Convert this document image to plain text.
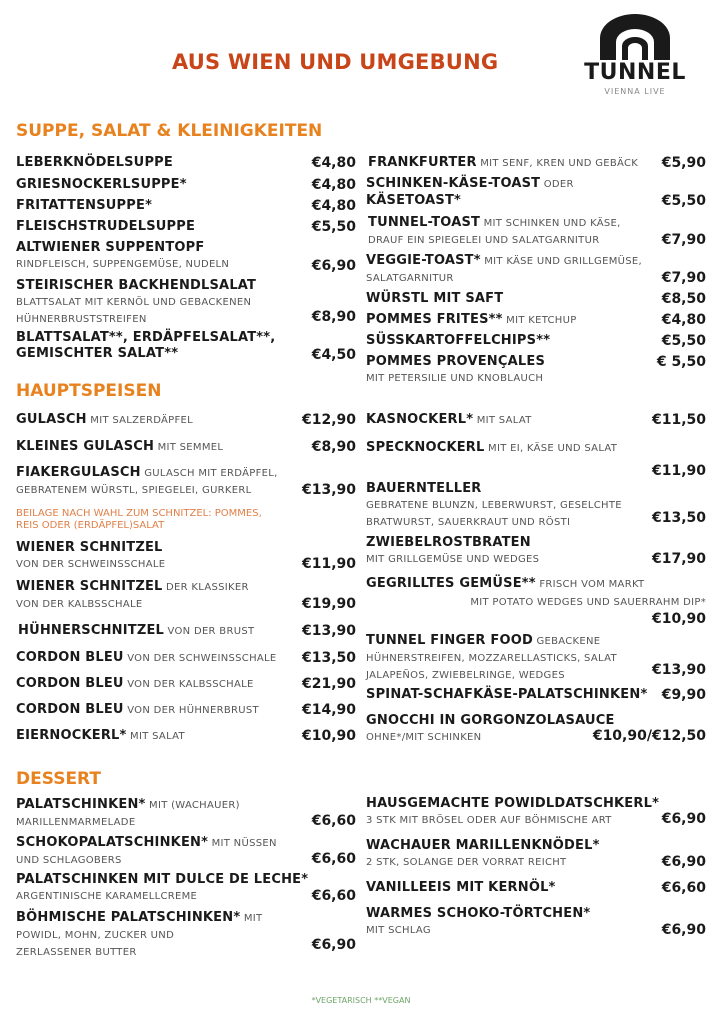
AUS WIEN UND UMGEBUNG	TUNNEL
VIENNA LIVE
SUPPE, SALAT & KLEINIGKEITEN
HAUPTSPEISEN
DESSERT
LEBERKNÖDELSUPPE	€4,80
GRIESNOCKERLSUPPE*	€4,80
FRITATTENSUPPE*	€4,80
FLEISCHSTRUDELSUPPE	€5,50
ALTWIENER SUPPENTOPF
RINDFLEISCH, SUPPENGEMÜSE, NUDELN	€6,90
STEIRISCHER BACKHENDLSALAT
BLATTSALAT MIT KERNÖL UND GEBACKENEN
HÜHNERBRUSTSTREIFEN	€8,90
BLATTSALAT**, ERDÄPFELSALAT**,
GEMISCHTER SALAT**	€4,50
FRANKFURTER MIT SENF, KREN UND GEBÄCK €5,90
SCHINKEN-KÄSE-TOAST ODER
KÄSETOAST*	€5,50
TUNNEL-TOAST MIT SCHINKEN UND KÄSE,
DRAUF EIN SPIEGELEI UND SALATGARNITUR	€7,90
VEGGIE-TOAST* MIT KÄSE UND GRILLGEMÜSE,
SALATGARNITUR	€7,90
WÜRSTL MIT SAFT	€8,50
POMMES FRITES** MIT KETCHUP	€4,80
SÜSSKARTOFFELCHIPS**	€5,50
POMMES PROVENÇALES
MIT PETERSILIE UND KNOBLAUCH
€ 5,50
GULASCH MIT SALZERDÄPFEL	€12,90
KLEINES GULASCH MIT SEMMEL	€8,90
FIAKERGULASCH GULASCH MIT ERDÄPFEL,
GEBRATENEM WÜRSTL, SPIEGELEI, GURKERL	€13,90
BEILAGE NACH WAHL ZUM SCHNITZEL: POMMES,
REIS ODER (ERDÄPFEL)SALAT
WIENER SCHNITZEL
VON DER SCHWEINSSCHALE	€11,90
WIENER SCHNITZEL DER KLASSIKER
VON DER KALBSSCHALE	€19,90
HÜHNERSCHNITZEL VON DER BRUST	€13,90
CORDON BLEU VON DER SCHWEINSSCHALE €13,50
CORDON BLEU VON DER KALBSSCHALE	€21,90
CORDON BLEU VON DER HÜHNERBRUST	€14,90
EIERNOCKERL* MIT SALAT	€10,90
KASNOCKERL* MIT SALAT	€11,50
SPECKNOCKERL MIT EI, KÄSE UND SALAT
€11,90
BAUERNTELLER
GEBRATENE BLUNZN, LEBERWURST, GESELCHTE
BRATWURST, SAUERKRAUT UND RÖSTI	€13,50
ZWIEBELROSTBRATEN
MIT GRILLGEMÜSE UND WEDGES	€17,90
GEGRILLTES GEMÜSE** FRISCH VOM MARKT
MIT POTATO WEDGES UND SAUERRAHM DIP*
€10,90
TUNNEL FINGER FOOD GEBACKENE
HÜHNERSTREIFEN, MOZZARELLASTICKS, SALAT
JALAPEÑOS, ZWIEBELRINGE, WEDGES	€13,90
SPINAT-SCHAFKÄSE-PALATSCHINKEN* €9,90
GNOCCHI IN GORGONZOLASAUCE
OHNE*/MIT SCHINKEN	€10,90/€12,50
PALATSCHINKEN* MIT (WACHAUER)
MARILLENMARMELADE	€6,60
SCHOKOPALATSCHINKEN* MIT NÜSSEN
UND SCHLAGOBERS	€6,60
PALATSCHINKEN MIT DULCE DE LECHE*
ARGENTINISCHE KARAMELLCREME	€6,60
BÖHMISCHE PALATSCHINKEN* MIT
POWIDL, MOHN, ZUCKER UND
ZERLASSENER BUTTER	€6,90
HAUSGEMACHTE POWIDLDATSCHKERL*
3 STK MIT BRÖSEL ODER AUF BÖHMISCHE ART	€6,90
WACHAUER MARILLENKNÖDEL*
2 STK, SOLANGE DER VORRAT REICHT	€6,90
VANILLEEIS MIT KERNÖL*	€6,60
WARMES SCHOKO-TÖRTCHEN*
MIT SCHLAG	€6,90
*VEGETARISCH **VEGAN
